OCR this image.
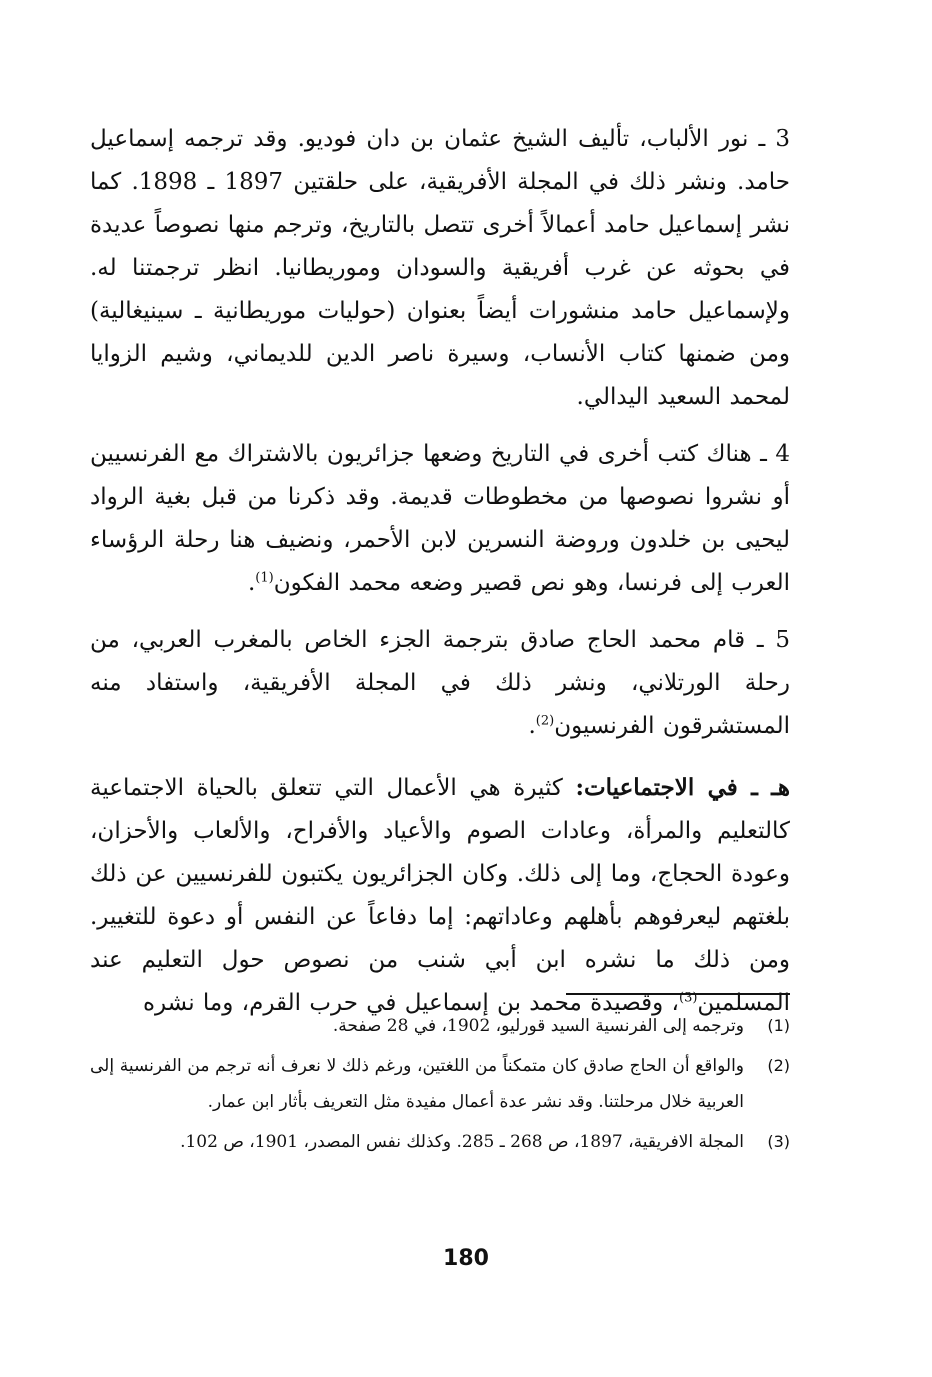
3 ـ نور الألباب، تأليف الشيخ عثمان بن دان فوديو. وقد ترجمه إسماعيل حامد. ونشر ذلك في المجلة الأفريقية، على حلقتين 1897 ـ 1898. كما نشر إسماعيل حامد أعمالاً أخرى تتصل بالتاريخ، وترجم منها نصوصاً عديدة في بحوثه عن غرب أفريقية والسودان وموريطانيا. انظر ترجمتنا له. ولإسماعيل حامد منشورات أيضاً بعنوان (حوليات موريطانية ـ سينيغالية) ومن ضمنها كتاب الأنساب، وسيرة ناصر الدين للديماني، وشيم الزوايا لمحمد السعيد اليدالي.

4 ـ هناك كتب أخرى في التاريخ وضعها جزائريون بالاشتراك مع الفرنسيين أو نشروا نصوصها من مخطوطات قديمة. وقد ذكرنا من قبل بغية الرواد ليحيى بن خلدون وروضة النسرين لابن الأحمر، ونضيف هنا رحلة الرؤساء العرب إلى فرنسا، وهو نص قصير وضعه محمد الفكون$^{(1)}$.

5 ـ قام محمد الحاج صادق بترجمة الجزء الخاص بالمغرب العربي، من رحلة الورتلاني، ونشر ذلك في المجلة الأفريقية، واستفاد منه المستشرقون الفرنسيون$^{(2)}$.

هـ ـ في الاجتماعيات: كثيرة هي الأعمال التي تتعلق بالحياة الاجتماعية كالتعليم والمرأة، وعادات الصوم والأعياد والأفراح، والألعاب والأحزان، وعودة الحجاج، وما إلى ذلك. وكان الجزائريون يكتبون للفرنسيين عن ذلك بلغتهم ليعرفوهم بأهلهم وعاداتهم: إما دفاعاً عن النفس أو دعوة للتغيير. ومن ذلك ما نشره ابن أبي شنب من نصوص حول التعليم عند المسلمين$^{(3)}$، وقصيدة محمد بن إسماعيل في حرب القرم، وما نشره

(1)
وترجمه إلى الفرنسية السيد قورليو، 1902، في 28 صفحة.
(2)
والواقع أن الحاج صادق كان متمكناً من اللغتين، ورغم ذلك لا نعرف أنه ترجم من الفرنسية إلى العربية خلال مرحلتنا. وقد نشر عدة أعمال مفيدة مثل التعريف بأثار ابن عمار.
(3)
المجلة الافريقية، 1897، ص 268 ـ 285. وكذلك نفس المصدر، 1901، ص 102.
180
